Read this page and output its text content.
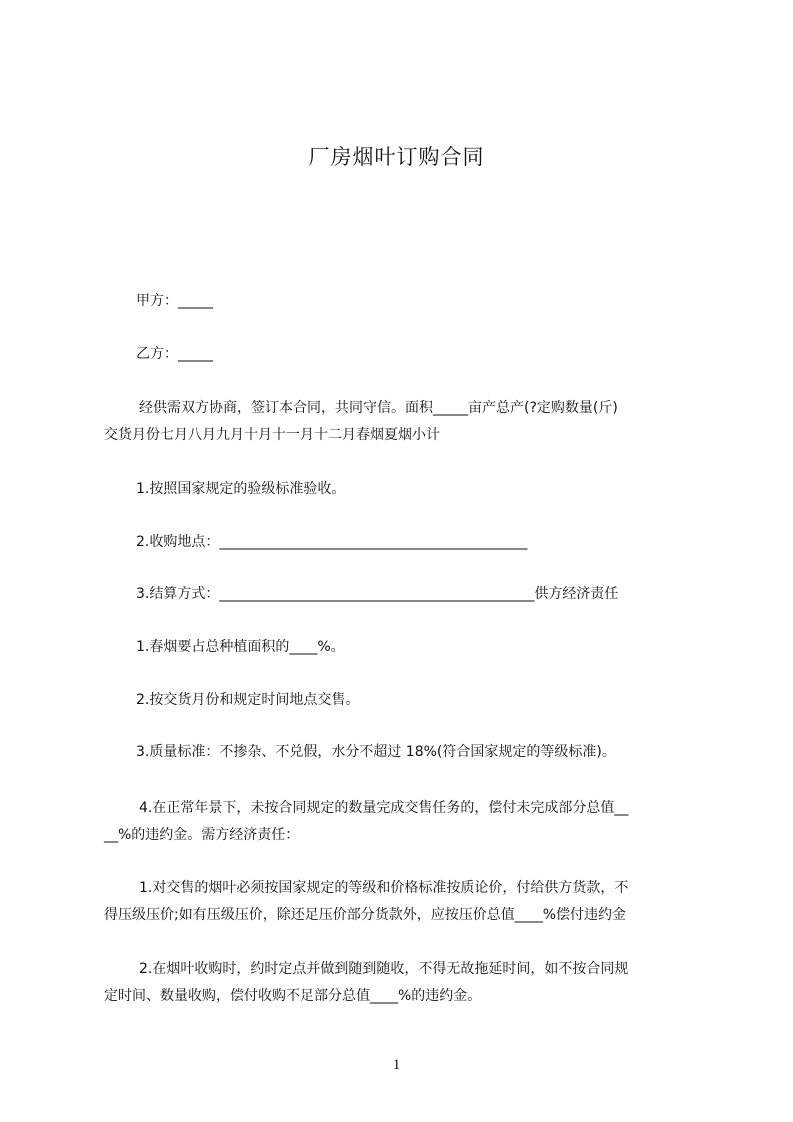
厂房烟叶订购合同
甲方：_____
乙方：_____
经供需双方协商，签订本合同，共同守信。面积_____亩产总产(?定购数量(斤)
交货月份七月八月九月十月十一月十二月春烟夏烟小计
1.按照国家规定的验级标准验收。
2.收购地点：____________________________________________
3.结算方式：_____________________________________________供方经济责任
1.春烟要占总种植面积的____%。
2.按交货月份和规定时间地点交售。
3.质量标准：不掺杂、不兑假，水分不超过 18%(符合国家规定的等级标准)。
4.在正常年景下，未按合同规定的数量完成交售任务的，偿付未完成部分总值__
__%的违约金。需方经济责任：
1.对交售的烟叶必须按国家规定的等级和价格标准按质论价，付给供方货款，不
得压级压价;如有压级压价，除还足压价部分货款外，应按压价总值____%偿付违约金
2.在烟叶收购时，约时定点并做到随到随收，不得无故拖延时间，如不按合同规
定时间、数量收购，偿付收购不足部分总值____%的违约金。
1
